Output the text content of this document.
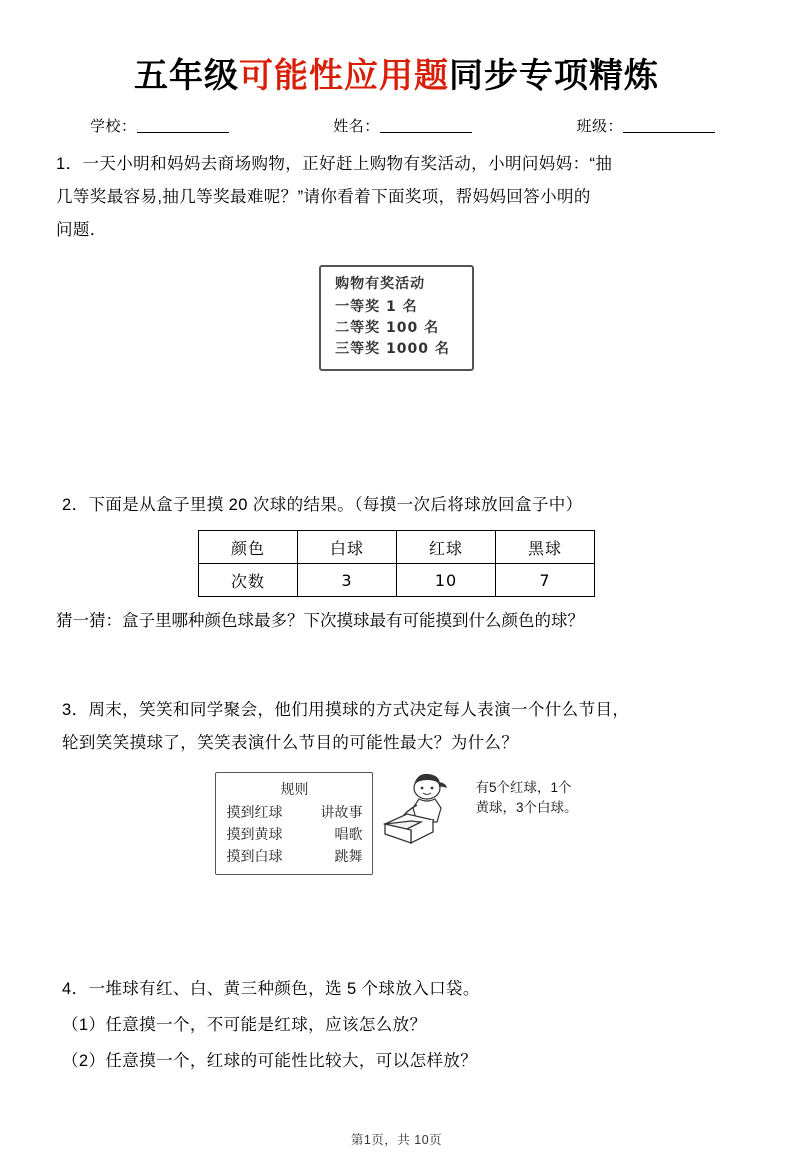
五年级可能性应用题同步专项精炼
学校：	姓名：	班级：
1．一天小明和妈妈去商场购物，正好赶上购物有奖活动，小明问妈妈：“抽
几等奖最容易,抽几等奖最难呢？”请你看着下面奖项，帮妈妈回答小明的
问题．
购物有奖活动
一等奖 1 名
二等奖 100 名
三等奖 1000 名
2．下面是从盒子里摸 20 次球的结果。（每摸一次后将球放回盒子中）
颜色	白球	红球	黑球
次数	3	10	7
猜一猜：盒子里哪种颜色球最多？下次摸球最有可能摸到什么颜色的球？
3．周末，笑笑和同学聚会，他们用摸球的方式决定每人表演一个什么节目，
轮到笑笑摸球了，笑笑表演什么节目的可能性最大？为什么？
规则
摸到红球	讲故事
摸到黄球	唱歌
摸到白球	跳舞
有5个红球，1个
黄球，3个白球。
4．一堆球有红、白、黄三种颜色，选 5 个球放入口袋。
（1）任意摸一个，不可能是红球，应该怎么放？
（2）任意摸一个，红球的可能性比较大，可以怎样放？
第1页，共 10页
